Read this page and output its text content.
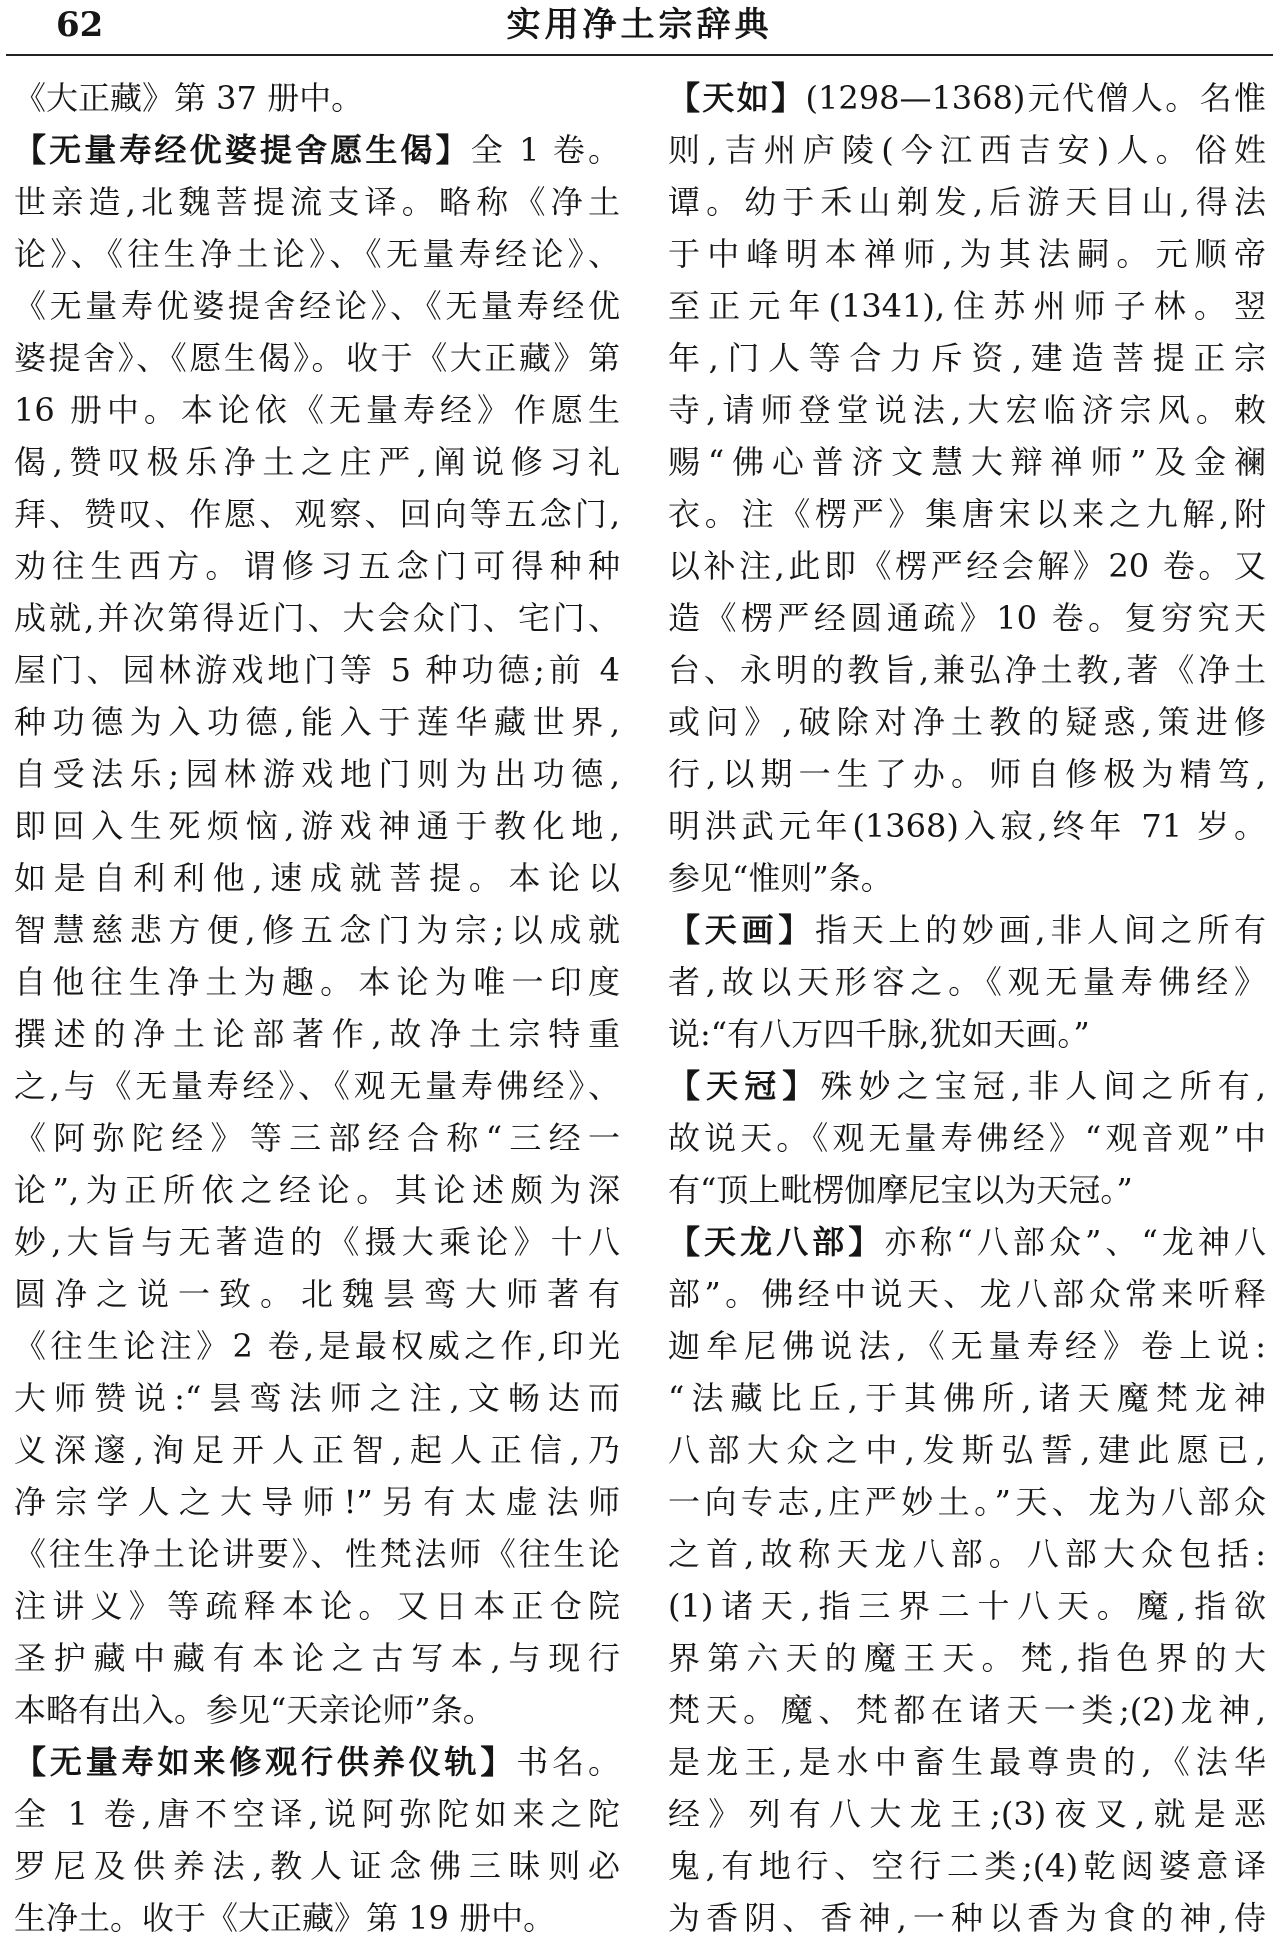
62	实用净土宗辞典
《大正藏》第 37 册中。
【无量寿经优婆提舍愿生偈】全 1 卷。
世亲造,北魏菩提流支译。略称《净土
论》、《往生净土论》、《无量寿经论》、
《无量寿优婆提舍经论》、《无量寿经优
婆提舍》、《愿生偈》。收于《大正藏》第
16 册中。本论依《无量寿经》作愿生
偈,赞叹极乐净土之庄严,阐说修习礼
拜、赞叹、作愿、观察、回向等五念门,
劝往生西方。谓修习五念门可得种种
成就,并次第得近门、大会众门、宅门、
屋门、园林游戏地门等 5 种功德;前 4
种功德为入功德,能入于莲华藏世界,
自受法乐;园林游戏地门则为出功德,
即回入生死烦恼,游戏神通于教化地,
如是自利利他,速成就菩提。本论以
智慧慈悲方便,修五念门为宗;以成就
自他往生净土为趣。本论为唯一印度
撰述的净土论部著作,故净土宗特重
之,与《无量寿经》、《观无量寿佛经》、
《阿弥陀经》等三部经合称“三经一
论”,为正所依之经论。其论述颇为深
妙,大旨与无著造的《摄大乘论》十八
圆净之说一致。北魏昙鸾大师著有
《往生论注》2 卷,是最权威之作,印光
大师赞说:“昙鸾法师之注,文畅达而
义深邃,洵足开人正智,起人正信,乃
净宗学人之大导师!”另有太虚法师
《往生净土论讲要》、性梵法师《往生论
注讲义》等疏释本论。又日本正仓院
圣护藏中藏有本论之古写本,与现行
本略有出入。参见“天亲论师”条。
【无量寿如来修观行供养仪轨】书名。
全 1 卷,唐不空译,说阿弥陀如来之陀
罗尼及供养法,教人证念佛三昧则必
生净土。收于《大正藏》第 19 册中。
【天如】(1298—1368)元代僧人。名惟
则,吉州庐陵(今江西吉安)人。俗姓
谭。幼于禾山剃发,后游天目山,得法
于中峰明本禅师,为其法嗣。元顺帝
至正元年(1341),住苏州师子林。翌
年,门人等合力斥资,建造菩提正宗
寺,请师登堂说法,大宏临济宗风。敕
赐“佛心普济文慧大辩禅师”及金襕
衣。注《楞严》集唐宋以来之九解,附
以补注,此即《楞严经会解》20 卷。又
造《楞严经圆通疏》10 卷。复穷究天
台、永明的教旨,兼弘净土教,著《净土
或问》,破除对净土教的疑惑,策进修
行,以期一生了办。师自修极为精笃,
明洪武元年(1368)入寂,终年 71 岁。
参见“惟则”条。
【天画】指天上的妙画,非人间之所有
者,故以天形容之。《观无量寿佛经》
说:“有八万四千脉,犹如天画。”
【天冠】殊妙之宝冠,非人间之所有,
故说天。《观无量寿佛经》“观音观”中
有“顶上毗楞伽摩尼宝以为天冠。”
【天龙八部】亦称“八部众”、“龙神八
部”。佛经中说天、龙八部众常来听释
迦牟尼佛说法,《无量寿经》卷上说:
“法藏比丘,于其佛所,诸天魔梵龙神
八部大众之中,发斯弘誓,建此愿已,
一向专志,庄严妙土。”天、龙为八部众
之首,故称天龙八部。八部大众包括:
(1)诸天,指三界二十八天。魔,指欲
界第六天的魔王天。梵,指色界的大
梵天。魔、梵都在诸天一类;(2)龙神,
是龙王,是水中畜生最尊贵的,《法华
经》列有八大龙王;(3)夜叉,就是恶
鬼,有地行、空行二类;(4)乾闼婆意译
为香阴、香神,一种以香为食的神,侍
